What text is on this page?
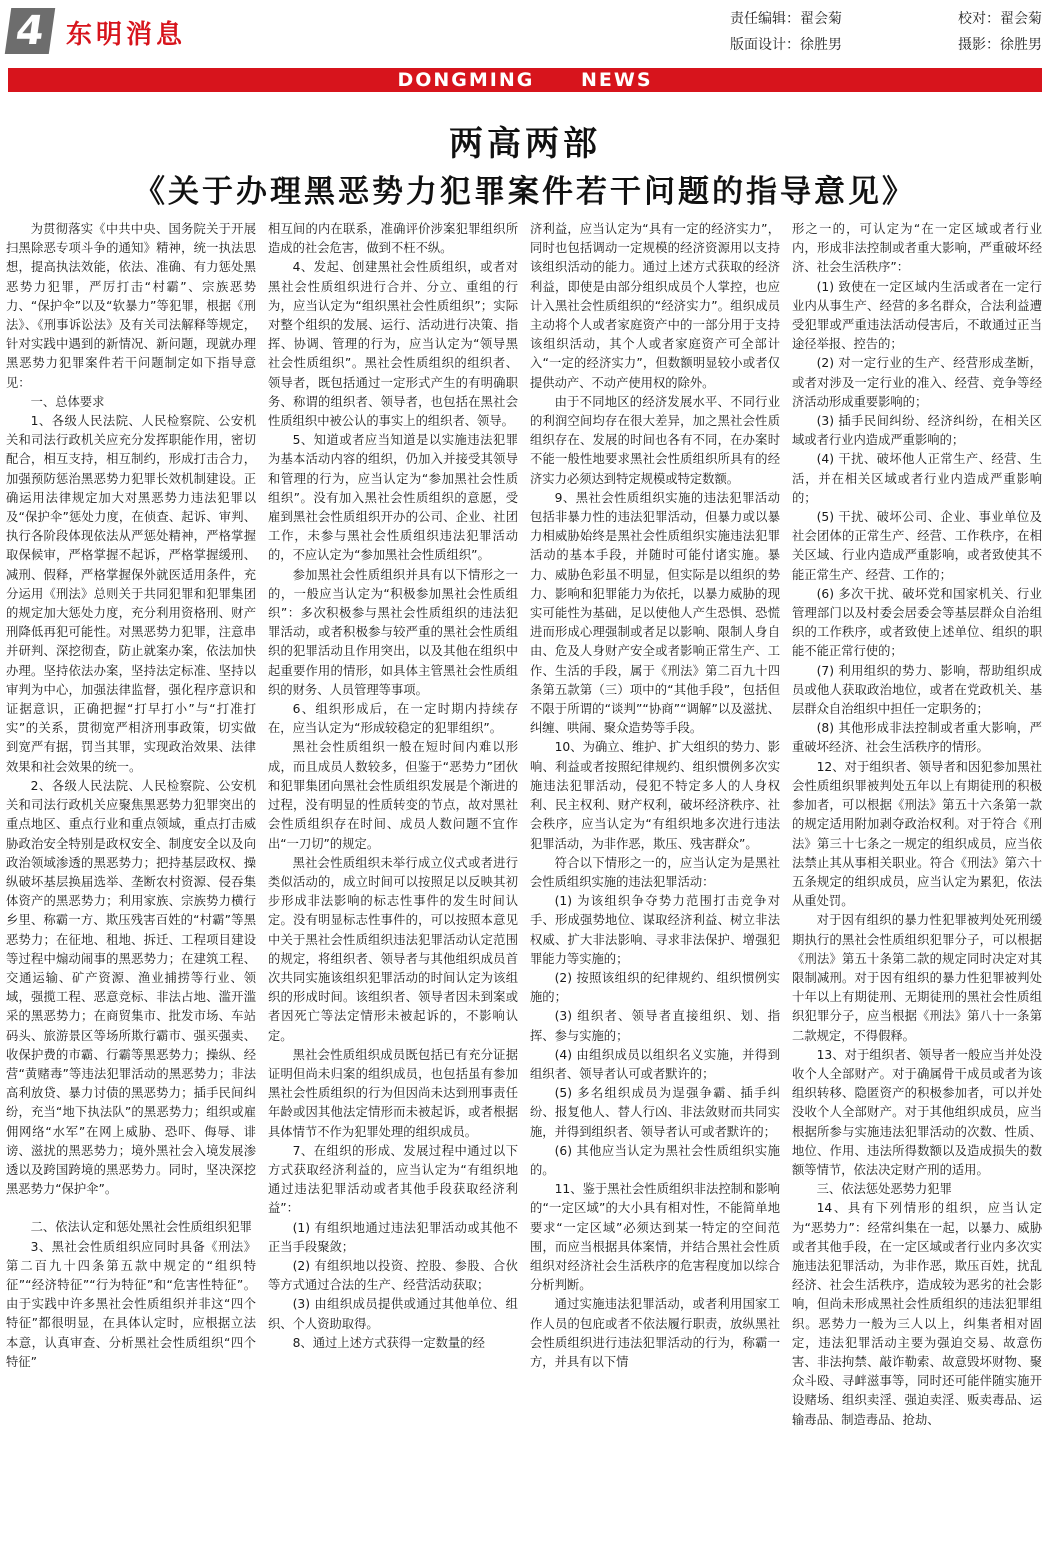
4 东明消息
责任编辑：翟会菊	校对：翟会菊
版面设计：徐胜男	摄影：徐胜男
DONGMING NEWS
两高两部
《关于办理黑恶势力犯罪案件若干问题的指导意见》

为贯彻落实《中共中央、国务院关于开展扫黑除恶专项斗争的通知》精神，统一执法思想，提高执法效能，依法、准确、有力惩处黑恶势力犯罪，严厉打击“村霸”、宗族恶势力、“保护伞”以及“软暴力”等犯罪，根据《刑法》、《刑事诉讼法》及有关司法解释等规定，针对实践中遇到的新情况、新问题，现就办理黑恶势力犯罪案件若干问题制定如下指导意见：

一、总体要求

1、各级人民法院、人民检察院、公安机关和司法行政机关应充分发挥职能作用，密切配合，相互支持，相互制约，形成打击合力，加强预防惩治黑恶势力犯罪长效机制建设。正确运用法律规定加大对黑恶势力违法犯罪以及“保护伞”惩处力度，在侦查、起诉、审判、执行各阶段体现依法从严惩处精神，严格掌握取保候审，严格掌握不起诉，严格掌握缓刑、减刑、假释，严格掌握保外就医适用条件，充分运用《刑法》总则关于共同犯罪和犯罪集团的规定加大惩处力度，充分利用资格刑、财产刑降低再犯可能性。对黑恶势力犯罪，注意串并研判、深挖彻查，防止就案办案，依法加快办理。坚持依法办案，坚持法定标准、坚持以审判为中心，加强法律监督，强化程序意识和证据意识，正确把握“打早打小”与“打准打实”的关系，贯彻宽严相济刑事政策，切实做到宽严有据，罚当其罪，实现政治效果、法律效果和社会效果的统一。

2、各级人民法院、人民检察院、公安机关和司法行政机关应聚焦黑恶势力犯罪突出的重点地区、重点行业和重点领域，重点打击威胁政治安全特别是政权安全、制度安全以及向政治领域渗透的黑恶势力；把持基层政权、操纵破坏基层换届选举、垄断农村资源、侵吞集体资产的黑恶势力；利用家族、宗族势力横行乡里、称霸一方、欺压残害百姓的“村霸”等黑恶势力；在征地、租地、拆迁、工程项目建设等过程中煽动闹事的黑恶势力；在建筑工程、交通运输、矿产资源、渔业捕捞等行业、领域，强揽工程、恶意竞标、非法占地、滥开滥采的黑恶势力；在商贸集市、批发市场、车站码头、旅游景区等场所欺行霸市、强买强卖、收保护费的市霸、行霸等黑恶势力；操纵、经营“黄赌毒”等违法犯罪活动的黑恶势力；非法高利放贷、暴力讨债的黑恶势力；插手民间纠纷，充当“地下执法队”的黑恶势力；组织或雇佣网络“水军”在网上威胁、恐吓、侮辱、诽谤、滋扰的黑恶势力；境外黑社会入境发展渗透以及跨国跨境的黑恶势力。同时，坚决深挖黑恶势力“保护伞”。

二、依法认定和惩处黑社会性质组织犯罪

3、黑社会性质组织应同时具备《刑法》第二百九十四条第五款中规定的“组织特征”“经济特征”“行为特征”和“危害性特征”。由于实践中许多黑社会性质组织并非这“四个特征”都很明显，在具体认定时，应根据立法本意，认真审查、分析黑社会性质组织“四个特征”

相互间的内在联系，准确评价涉案犯罪组织所造成的社会危害，做到不枉不纵。

4、发起、创建黑社会性质组织，或者对黑社会性质组织进行合并、分立、重组的行为，应当认定为“组织黑社会性质组织”；实际对整个组织的发展、运行、活动进行决策、指挥、协调、管理的行为，应当认定为“领导黑社会性质组织”。黑社会性质组织的组织者、领导者，既包括通过一定形式产生的有明确职务、称谓的组织者、领导者，也包括在黑社会性质组织中被公认的事实上的组织者、领导。

5、知道或者应当知道是以实施违法犯罪为基本活动内容的组织，仍加入并接受其领导和管理的行为，应当认定为“参加黑社会性质组织”。没有加入黑社会性质组织的意愿，受雇到黑社会性质组织开办的公司、企业、社团工作，未参与黑社会性质组织违法犯罪活动的，不应认定为“参加黑社会性质组织”。

参加黑社会性质组织并具有以下情形之一的，一般应当认定为“积极参加黑社会性质组织”：多次积极参与黑社会性质组织的违法犯罪活动，或者积极参与较严重的黑社会性质组织的犯罪活动且作用突出，以及其他在组织中起重要作用的情形，如具体主管黑社会性质组织的财务、人员管理等事项。

6、组织形成后，在一定时期内持续存在，应当认定为“形成较稳定的犯罪组织”。

黑社会性质组织一般在短时间内难以形成，而且成员人数较多，但鉴于“恶势力”团伙和犯罪集团向黑社会性质组织发展是个渐进的过程，没有明显的性质转变的节点，故对黑社会性质组织存在时间、成员人数问题不宜作出“一刀切”的规定。

黑社会性质组织未举行成立仪式或者进行类似活动的，成立时间可以按照足以反映其初步形成非法影响的标志性事件的发生时间认定。没有明显标志性事件的，可以按照本意见中关于黑社会性质组织违法犯罪活动认定范围的规定，将组织者、领导者与其他组织成员首次共同实施该组织犯罪活动的时间认定为该组织的形成时间。该组织者、领导者因未到案或者因死亡等法定情形未被起诉的，不影响认定。

黑社会性质组织成员既包括已有充分证据证明但尚未归案的组织成员，也包括虽有参加黑社会性质组织的行为但因尚未达到刑事责任年龄或因其他法定情形而未被起诉，或者根据具体情节不作为犯罪处理的组织成员。

7、在组织的形成、发展过程中通过以下方式获取经济利益的，应当认定为“有组织地通过违法犯罪活动或者其他手段获取经济利益”：

(1) 有组织地通过违法犯罪活动或其他不正当手段聚敛；

(2) 有组织地以投资、控股、参股、合伙等方式通过合法的生产、经营活动获取；

(3) 由组织成员提供或通过其他单位、组织、个人资助取得。

8、通过上述方式获得一定数量的经

济利益，应当认定为“具有一定的经济实力”，同时也包括调动一定规模的经济资源用以支持该组织活动的能力。通过上述方式获取的经济利益，即使是由部分组织成员个人掌控，也应计入黑社会性质组织的“经济实力”。组织成员主动将个人或者家庭资产中的一部分用于支持该组织活动，其个人或者家庭资产可全部计入“一定的经济实力”，但数额明显较小或者仅提供动产、不动产使用权的除外。

由于不同地区的经济发展水平、不同行业的利润空间均存在很大差异，加之黑社会性质组织存在、发展的时间也各有不同，在办案时不能一般性地要求黑社会性质组织所具有的经济实力必须达到特定规模或特定数额。

9、黑社会性质组织实施的违法犯罪活动包括非暴力性的违法犯罪活动，但暴力或以暴力相威胁始终是黑社会性质组织实施违法犯罪活动的基本手段，并随时可能付诸实施。暴力、威胁色彩虽不明显，但实际是以组织的势力、影响和犯罪能力为依托，以暴力威胁的现实可能性为基础，足以使他人产生恐惧、恐慌进而形成心理强制或者足以影响、限制人身自由、危及人身财产安全或者影响正常生产、工作、生活的手段，属于《刑法》第二百九十四条第五款第（三）项中的“其他手段”，包括但不限于所谓的“谈判”“协商”“调解”以及滋扰、纠缠、哄闹、聚众造势等手段。

10、为确立、维护、扩大组织的势力、影响、利益或者按照纪律规约、组织惯例多次实施违法犯罪活动，侵犯不特定多人的人身权利、民主权利、财产权利，破坏经济秩序、社会秩序，应当认定为“有组织地多次进行违法犯罪活动，为非作恶，欺压、残害群众”。

符合以下情形之一的，应当认定为是黑社会性质组织实施的违法犯罪活动：

(1) 为该组织争夺势力范围打击竞争对手、形成强势地位、谋取经济利益、树立非法权威、扩大非法影响、寻求非法保护、增强犯罪能力等实施的；

(2) 按照该组织的纪律规约、组织惯例实施的；

(3) 组织者、领导者直接组织、划、指挥、参与实施的；

(4) 由组织成员以组织名义实施，并得到组织者、领导者认可或者默许的；

(5) 多名组织成员为逞强争霸、插手纠纷、报复他人、替人行凶、非法敛财而共同实施，并得到组织者、领导者认可或者默许的；

(6) 其他应当认定为黑社会性质组织实施的。

11、鉴于黑社会性质组织非法控制和影响的“一定区域”的大小具有相对性，不能简单地要求“一定区域”必须达到某一特定的空间范围，而应当根据具体案情，并结合黑社会性质组织对经济社会生活秩序的危害程度加以综合分析判断。

通过实施违法犯罪活动，或者利用国家工作人员的包庇或者不依法履行职责，放纵黑社会性质组织进行违法犯罪活动的行为，称霸一方，并具有以下情

形之一的，可认定为“在一定区域或者行业内，形成非法控制或者重大影响，严重破坏经济、社会生活秩序”：

(1) 致使在一定区域内生活或者在一定行业内从事生产、经营的多名群众，合法利益遭受犯罪或严重违法活动侵害后，不敢通过正当途径举报、控告的；

(2) 对一定行业的生产、经营形成垄断，或者对涉及一定行业的准入、经营、竞争等经济活动形成重要影响的；

(3) 插手民间纠纷、经济纠纷，在相关区域或者行业内造成严重影响的；

(4) 干扰、破坏他人正常生产、经营、生活，并在相关区域或者行业内造成严重影响的；

(5) 干扰、破坏公司、企业、事业单位及社会团体的正常生产、经营、工作秩序，在相关区域、行业内造成严重影响，或者致使其不能正常生产、经营、工作的；

(6) 多次干扰、破坏党和国家机关、行业管理部门以及村委会居委会等基层群众自治组织的工作秩序，或者致使上述单位、组织的职能不能正常行使的；

(7) 利用组织的势力、影响，帮助组织成员或他人获取政治地位，或者在党政机关、基层群众自治组织中担任一定职务的；

(8) 其他形成非法控制或者重大影响，严重破坏经济、社会生活秩序的情形。

12、对于组织者、领导者和因犯参加黑社会性质组织罪被判处五年以上有期徒刑的积极参加者，可以根据《刑法》第五十六条第一款的规定适用附加剥夺政治权利。对于符合《刑法》第三十七条之一规定的组织成员，应当依法禁止其从事相关职业。符合《刑法》第六十五条规定的组织成员，应当认定为累犯，依法从重处罚。

对于因有组织的暴力性犯罪被判处死刑缓期执行的黑社会性质组织犯罪分子，可以根据《刑法》第五十条第二款的规定同时决定对其限制减刑。对于因有组织的暴力性犯罪被判处十年以上有期徒刑、无期徒刑的黑社会性质组织犯罪分子，应当根据《刑法》第八十一条第二款规定，不得假释。

13、对于组织者、领导者一般应当并处没收个人全部财产。对于确属骨干成员或者为该组织转移、隐匿资产的积极参加者，可以并处没收个人全部财产。对于其他组织成员，应当根据所参与实施违法犯罪活动的次数、性质、地位、作用、违法所得数额以及造成损失的数额等情节，依法决定财产刑的适用。

三、依法惩处恶势力犯罪

14、具有下列情形的组织，应当认定为“恶势力”：经常纠集在一起，以暴力、威胁或者其他手段，在一定区域或者行业内多次实施违法犯罪活动，为非作恶，欺压百姓，扰乱经济、社会生活秩序，造成较为恶劣的社会影响，但尚未形成黑社会性质组织的违法犯罪组织。恶势力一般为三人以上，纠集者相对固定，违法犯罪活动主要为强迫交易、故意伤害、非法拘禁、敲诈勒索、故意毁坏财物、聚众斗殴、寻衅滋事等，同时还可能伴随实施开设赌场、组织卖淫、强迫卖淫、贩卖毒品、运输毒品、制造毒品、抢劫、
